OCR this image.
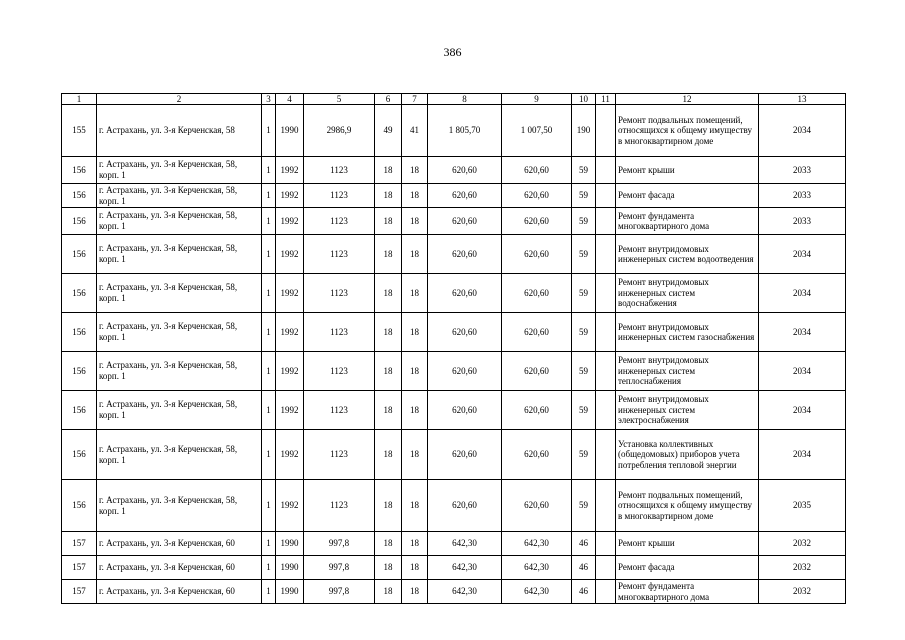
386
1	2	3	4	5	6	7	8	9	10	11	12	13
155	г. Астрахань, ул. 3-я Керченская, 58	1	1990	2986,9	49	41	1 805,70	1 007,50	190		Ремонт подвальных помещений, относящихся к общему имуществу в многоквартирном доме	2034
156	г. Астрахань, ул. 3-я Керченская, 58, корп. 1	1	1992	1123	18	18	620,60	620,60	59		Ремонт крыши	2033
156	г. Астрахань, ул. 3-я Керченская, 58, корп. 1	1	1992	1123	18	18	620,60	620,60	59		Ремонт фасада	2033
156	г. Астрахань, ул. 3-я Керченская, 58, корп. 1	1	1992	1123	18	18	620,60	620,60	59		Ремонт фундамента многоквартирного дома	2033
156	г. Астрахань, ул. 3-я Керченская, 58, корп. 1	1	1992	1123	18	18	620,60	620,60	59		Ремонт внутридомовых инженерных систем водоотведения	2034
156	г. Астрахань, ул. 3-я Керченская, 58, корп. 1	1	1992	1123	18	18	620,60	620,60	59		Ремонт внутридомовых инженерных систем водоснабжения	2034
156	г. Астрахань, ул. 3-я Керченская, 58, корп. 1	1	1992	1123	18	18	620,60	620,60	59		Ремонт внутридомовых инженерных систем газоснабжения	2034
156	г. Астрахань, ул. 3-я Керченская, 58, корп. 1	1	1992	1123	18	18	620,60	620,60	59		Ремонт внутридомовых инженерных систем теплоснабжения	2034
156	г. Астрахань, ул. 3-я Керченская, 58, корп. 1	1	1992	1123	18	18	620,60	620,60	59		Ремонт внутридомовых инженерных систем электроснабжения	2034
156	г. Астрахань, ул. 3-я Керченская, 58, корп. 1	1	1992	1123	18	18	620,60	620,60	59		Установка коллективных (общедомовых) приборов учета потребления тепловой энергии	2034
156	г. Астрахань, ул. 3-я Керченская, 58, корп. 1	1	1992	1123	18	18	620,60	620,60	59		Ремонт подвальных помещений, относящихся к общему имуществу в многоквартирном доме	2035
157	г. Астрахань, ул. 3-я Керченская, 60	1	1990	997,8	18	18	642,30	642,30	46		Ремонт крыши	2032
157	г. Астрахань, ул. 3-я Керченская, 60	1	1990	997,8	18	18	642,30	642,30	46		Ремонт фасада	2032
157	г. Астрахань, ул. 3-я Керченская, 60	1	1990	997,8	18	18	642,30	642,30	46		Ремонт фундамента многоквартирного дома	2032
